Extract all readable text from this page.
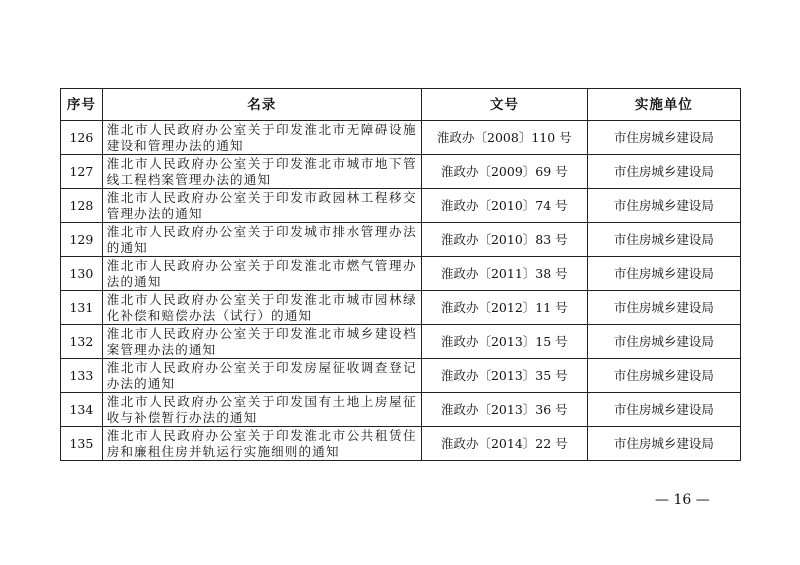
序号	名录	文号	实施单位
126	淮北市人民政府办公室关于印发淮北市无障碍设施建设和管理办法的通知	淮政办〔2008〕110 号	市住房城乡建设局
127	淮北市人民政府办公室关于印发淮北市城市地下管线工程档案管理办法的通知	淮政办〔2009〕69 号	市住房城乡建设局
128	淮北市人民政府办公室关于印发市政园林工程移交管理办法的通知	淮政办〔2010〕74 号	市住房城乡建设局
129	淮北市人民政府办公室关于印发城市排水管理办法的通知	淮政办〔2010〕83 号	市住房城乡建设局
130	淮北市人民政府办公室关于印发淮北市燃气管理办法的通知	淮政办〔2011〕38 号	市住房城乡建设局
131	淮北市人民政府办公室关于印发淮北市城市园林绿化补偿和赔偿办法（试行）的通知	淮政办〔2012〕11 号	市住房城乡建设局
132	淮北市人民政府办公室关于印发淮北市城乡建设档案管理办法的通知	淮政办〔2013〕15 号	市住房城乡建设局
133	淮北市人民政府办公室关于印发房屋征收调查登记办法的通知	淮政办〔2013〕35 号	市住房城乡建设局
134	淮北市人民政府办公室关于印发国有土地上房屋征收与补偿暂行办法的通知	淮政办〔2013〕36 号	市住房城乡建设局
135	淮北市人民政府办公室关于印发淮北市公共租赁住房和廉租住房并轨运行实施细则的通知	淮政办〔2014〕22 号	市住房城乡建设局
— 16 —
